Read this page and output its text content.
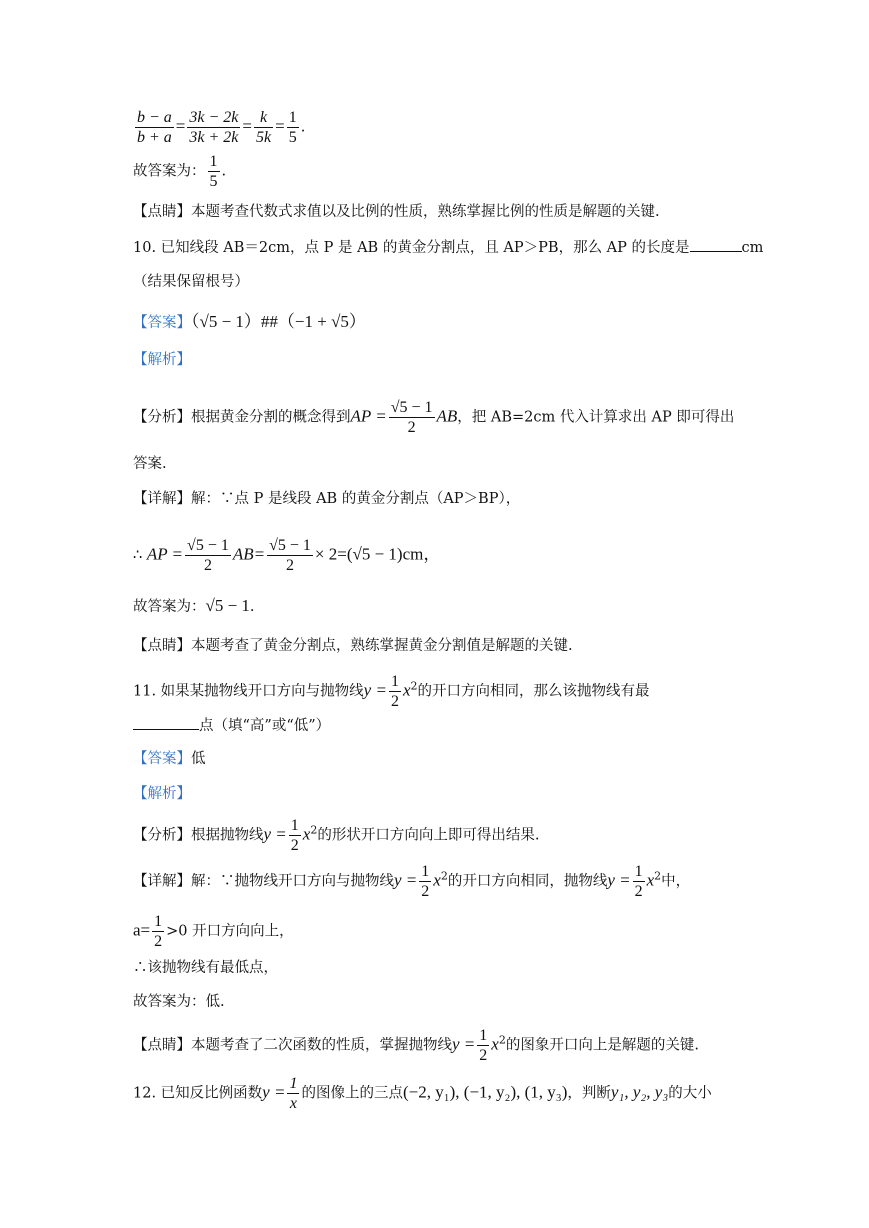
$\frac{b - a}{b + a} = \frac{3k - 2k}{3k + 2k} = \frac{k}{5k} = \frac{1}{5}$ .
故答案为： $\frac{1}{5}$ .
【点睛】本题考查代数式求值以及比例的性质，熟练掌握比例的性质是解题的关键.
10. 已知线段 AB＝2cm，点 P 是 AB 的黄金分割点，且 AP＞PB，那么 AP 的长度是	cm
（结果保留根号）
【答案】（√5 − 1）##（−1 + √5）
【解析】
【分析】根据黄金分割的概念得到AP = $\frac{√5 - 1}{2}$ AB，把 AB=2cm 代入计算求出 AP 即可得出
答案.
【详解】解：∵点 P 是线段 AB 的黄金分割点（AP＞BP），
∴ AP = $\frac{√5 - 1}{2} AB= \frac{√5 - 1}{2} \times 2=(√5 - 1)cm$，
故答案为：√5 − 1.
【点睛】本题考查了黄金分割点，熟练掌握黄金分割值是解题的关键.
11. 如果某抛物线开口方向与抛物线$y = \frac{1}{2} x^2$的开口方向相同，那么该抛物线有最
点（填“高”或“低”）
【答案】低
【解析】
【分析】根据抛物线$y = \frac{1}{2} x^2$的形状开口方向向上即可得出结果.
【详解】解：∵抛物线开口方向与抛物线$y = \frac{1}{2} x^2$的开口方向相同，抛物线$y = \frac{1}{2} x^2$中，
$a= \frac{1}{2} >0$ 开口方向向上，
∴该抛物线有最低点，
故答案为：低.
【点睛】本题考查了二次函数的性质，掌握抛物线$y = \frac{1}{2} x^2$的图象开口向上是解题的关键.
12. 已知反比例函数$y = \frac{1}{x}$ 的图像上的三点(−2, y₁), (−1, y₂), (1, y₃)，判断y₁, y₂, y₃的大小
